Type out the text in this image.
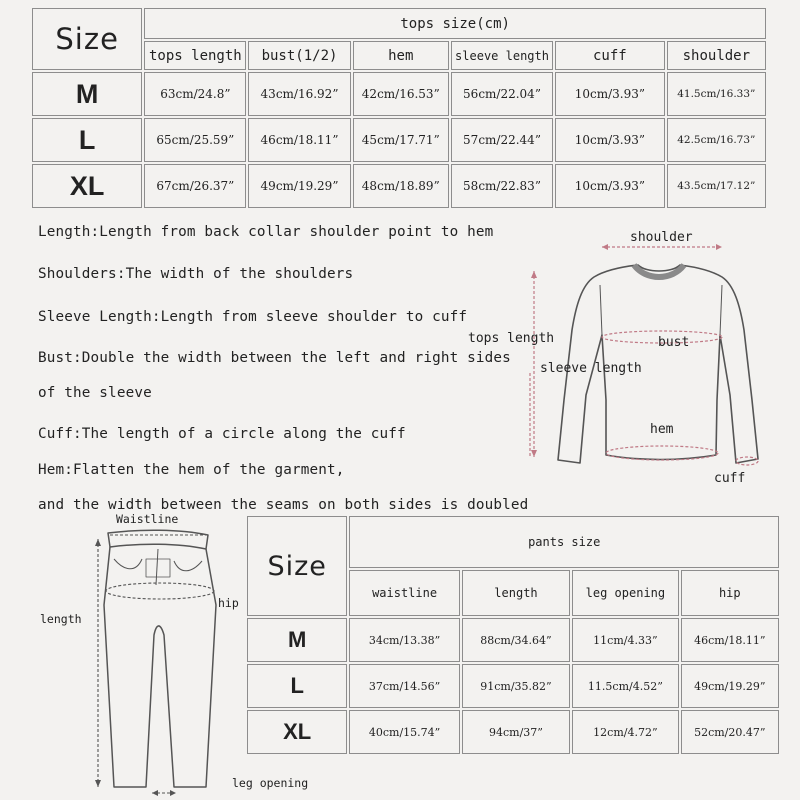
Size	tops size(cm)					
	tops length	bust(1/2)	hem	sleeve length	cuff	shoulder
M	63cm/24.8”	43cm/16.92”	42cm/16.53”	56cm/22.04”	10cm/3.93”	41.5cm/16.33”
L	65cm/25.59”	46cm/18.11”	45cm/17.71”	57cm/22.44”	10cm/3.93”	42.5cm/16.73”
XL	67cm/26.37”	49cm/19.29”	48cm/18.89”	58cm/22.83”	10cm/3.93”	43.5cm/17.12”
Length:Length from back collar shoulder point to hem
Shoulders:The width of the shoulders
Sleeve Length:Length from sleeve shoulder to cuff
Bust:Double the width between the left and right sides
of the sleeve
Cuff:The length of a circle along the cuff
Hem:Flatten the hem of the garment,
and the width between the seams on both sides is doubled
shoulder
tops length	bust
sleeve length
hem
cuff
Waistline
length
hip
leg opening
Size	pants size			
	waistline	length	leg opening	hip
M	34cm/13.38”	88cm/34.64”	11cm/4.33”	46cm/18.11”
L	37cm/14.56”	91cm/35.82”	11.5cm/4.52”	49cm/19.29”
XL	40cm/15.74”	94cm/37”	12cm/4.72”	52cm/20.47”
